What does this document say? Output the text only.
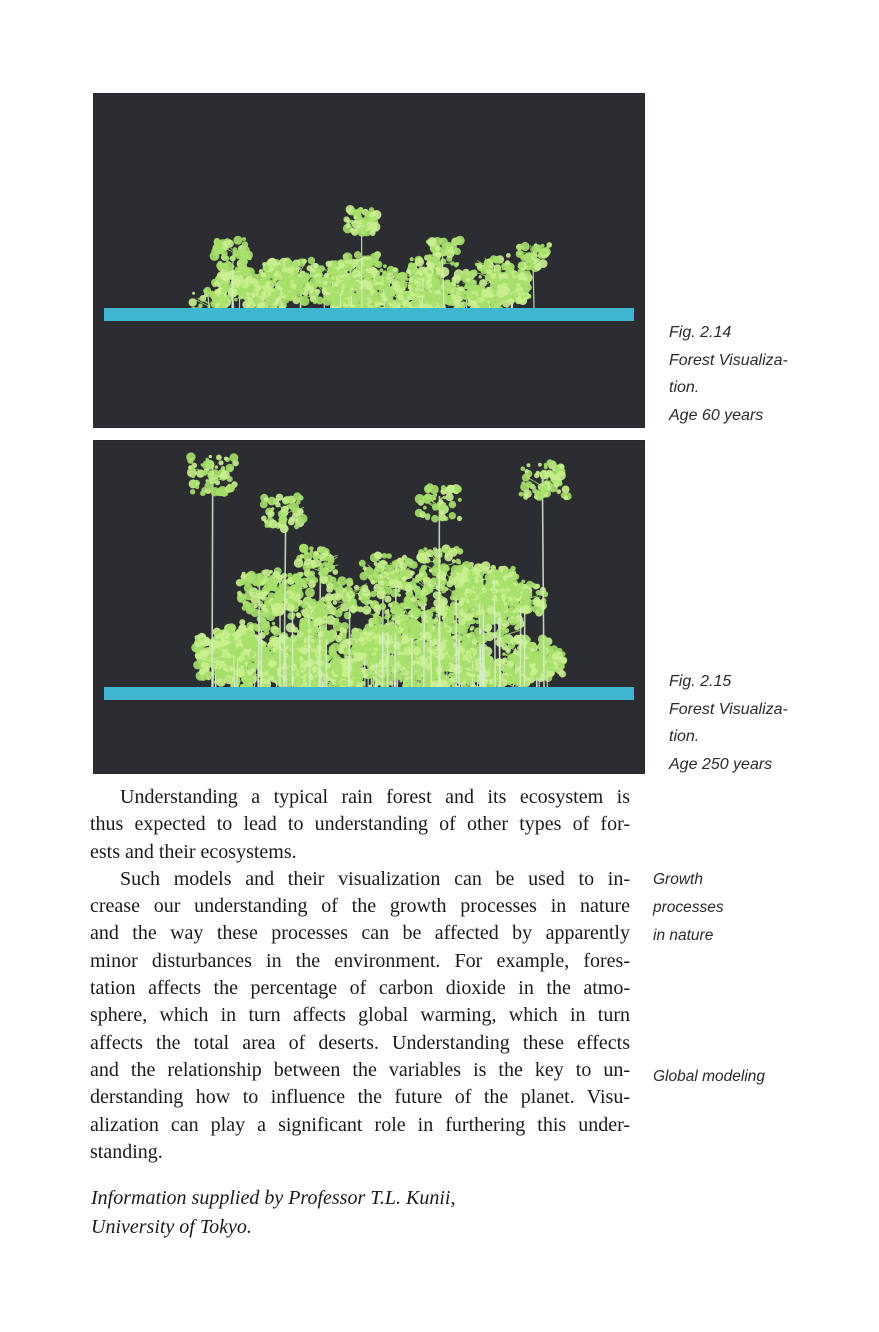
Fig. 2.14
Forest Visualiza-
tion.
Age 60 years
Fig. 2.15
Forest Visualiza-
tion.
Age 250 years
Understanding a typical rain forest and its ecosystem is
thus expected to lead to understanding of other types of for-
ests and their ecosystems.
Such models and their visualization can be used to in-
crease our understanding of the growth processes in nature
and the way these processes can be affected by apparently
minor disturbances in the environment. For example, fores-
tation affects the percentage of carbon dioxide in the atmo-
sphere, which in turn affects global warming, which in turn
affects the total area of deserts. Understanding these effects
and the relationship between the variables is the key to un-
derstanding how to influence the future of the planet. Visu-
alization can play a significant role in furthering this under-
standing.
Growth
processes
in nature
Global modeling
Information supplied by Professor T.L. Kunii,
University of Tokyo.
